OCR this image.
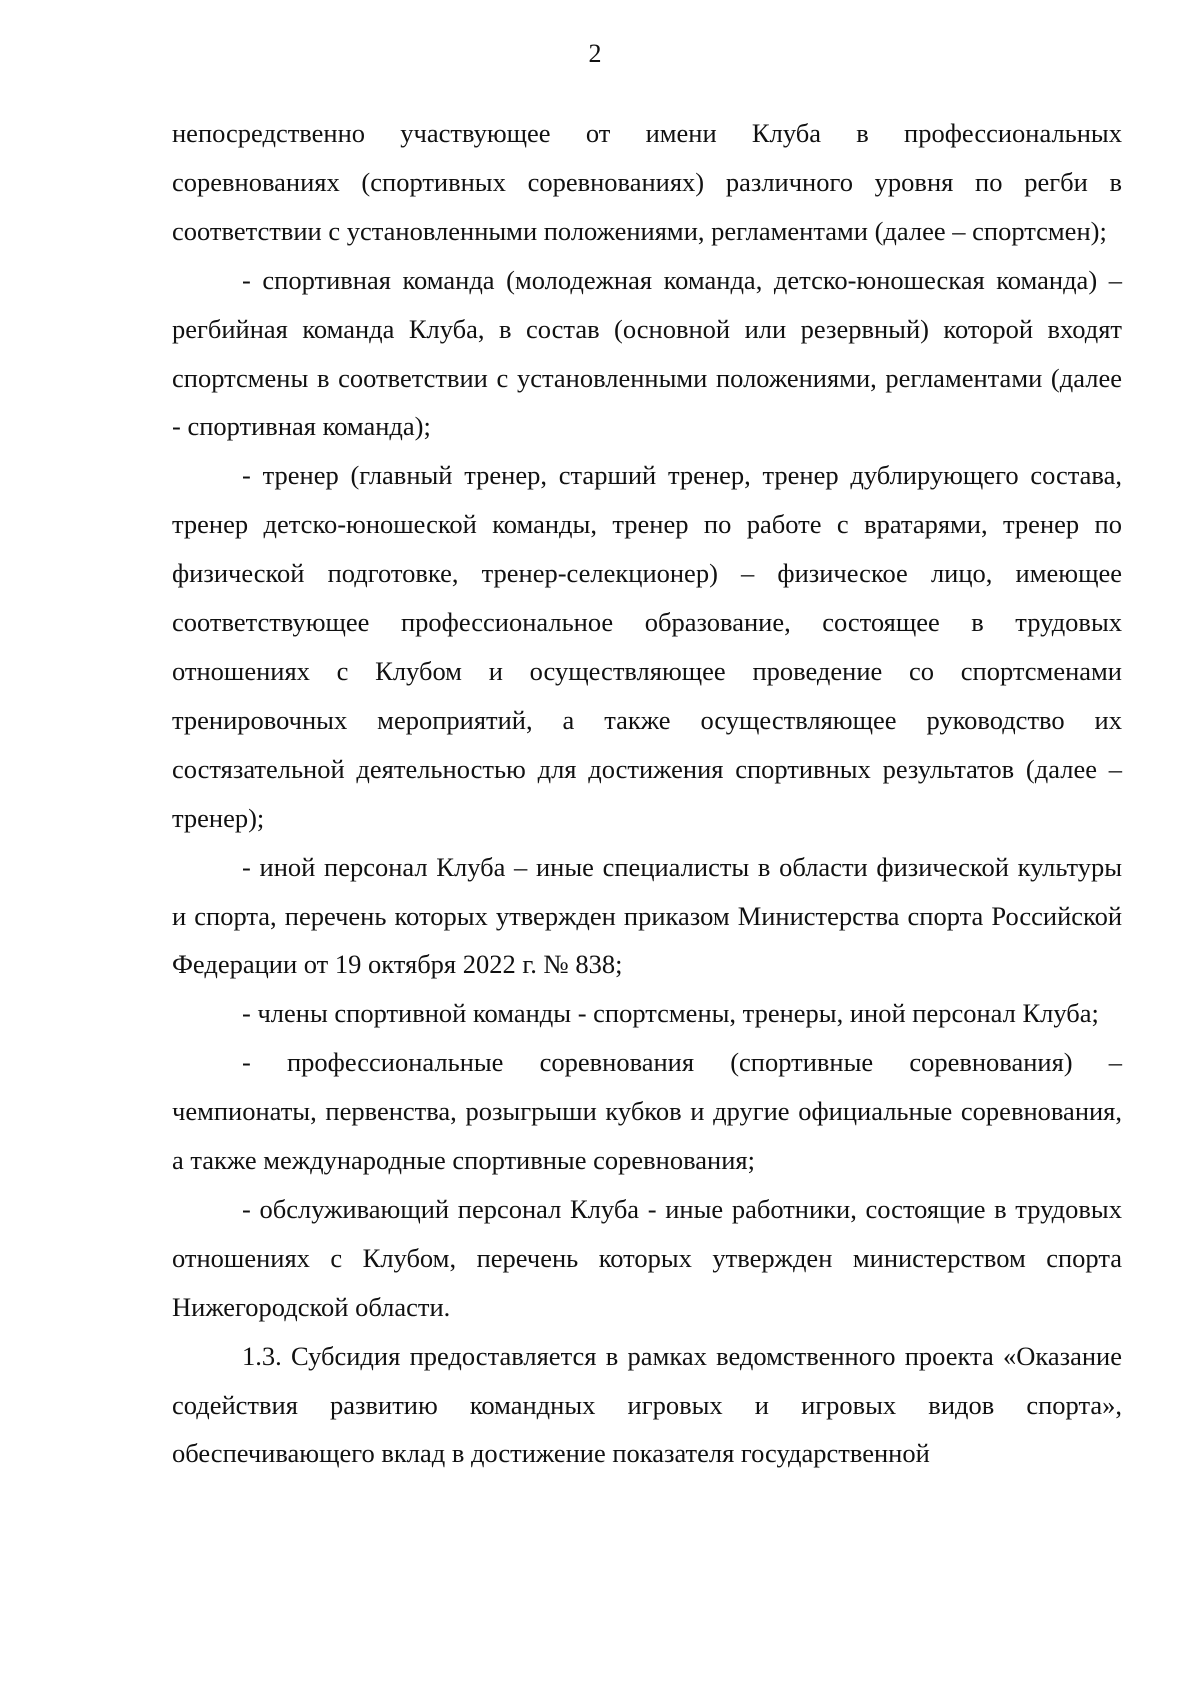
2

непосредственно участвующее от имени Клуба в профессиональных соревнованиях (спортивных соревнованиях) различного уровня по регби в соответствии с установленными положениями, регламентами (далее – спортсмен);

- спортивная команда (молодежная команда, детско-юношеская команда) – регбийная команда Клуба, в состав (основной или резервный) которой входят спортсмены в соответствии с установленными положениями, регламентами (далее - спортивная команда);

- тренер (главный тренер, старший тренер, тренер дублирующего состава, тренер детско-юношеской команды, тренер по работе с вратарями, тренер по физической подготовке, тренер-селекционер) – физическое лицо, имеющее соответствующее профессиональное образование, состоящее в трудовых отношениях с Клубом и осуществляющее проведение со спортсменами тренировочных мероприятий, а также осуществляющее руководство их состязательной деятельностью для достижения спортивных результатов (далее – тренер);

- иной персонал Клуба – иные специалисты в области физической культуры и спорта, перечень которых утвержден приказом Министерства спорта Российской Федерации от 19 октября 2022 г. № 838;

- члены спортивной команды - спортсмены, тренеры, иной персонал Клуба;

- профессиональные соревнования (спортивные соревнования) – чемпионаты, первенства, розыгрыши кубков и другие официальные соревнования, а также международные спортивные соревнования;

- обслуживающий персонал Клуба - иные работники, состоящие в трудовых отношениях с Клубом, перечень которых утвержден министерством спорта Нижегородской области.

1.3. Субсидия предоставляется в рамках ведомственного проекта «Оказание содействия развитию командных игровых и игровых видов спорта», обеспечивающего вклад в достижение показателя государственной
